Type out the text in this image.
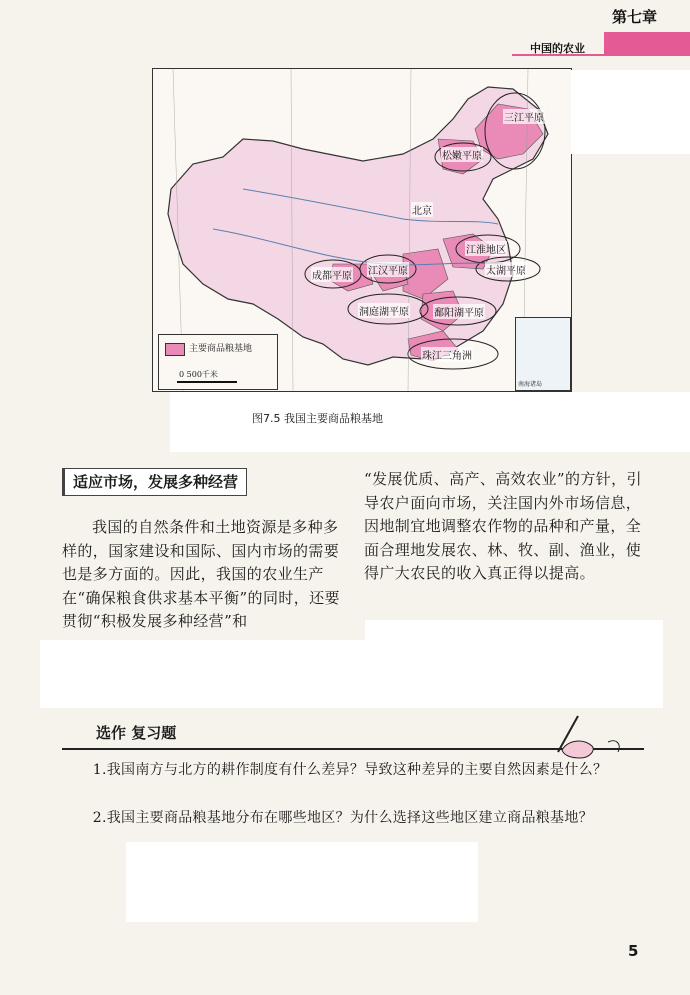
第七章
中国的农业
三江平原
松嫩平原
北京
江淮地区
成都平原 江汉平原	太湖平原
洞庭湖平原	鄱阳湖平原
珠江三角洲
主要商品粮基地
0 500千米
南海诸岛
图7.5 我国主要商品粮基地
适应市场，发展多种经营
我国的自然条件和土地资源是多种多样的，国家建设和国际、国内市场的需要也是多方面的。因此，我国的农业生产在“确保粮食供求基本平衡”的同时，还要贯彻“积极发展多种经营”和
“发展优质、高产、高效农业”的方针，引导农户面向市场，关注国内外市场信息，因地制宜地调整农作物的品种和产量，全面合理地发展农、林、牧、副、渔业，使得广大农民的收入真正得以提高。
选作 复习题

1.我国南方与北方的耕作制度有什么差异？导致这种差异的主要自然因素是什么？

2.我国主要商品粮基地分布在哪些地区？为什么选择这些地区建立商品粮基地？

5
